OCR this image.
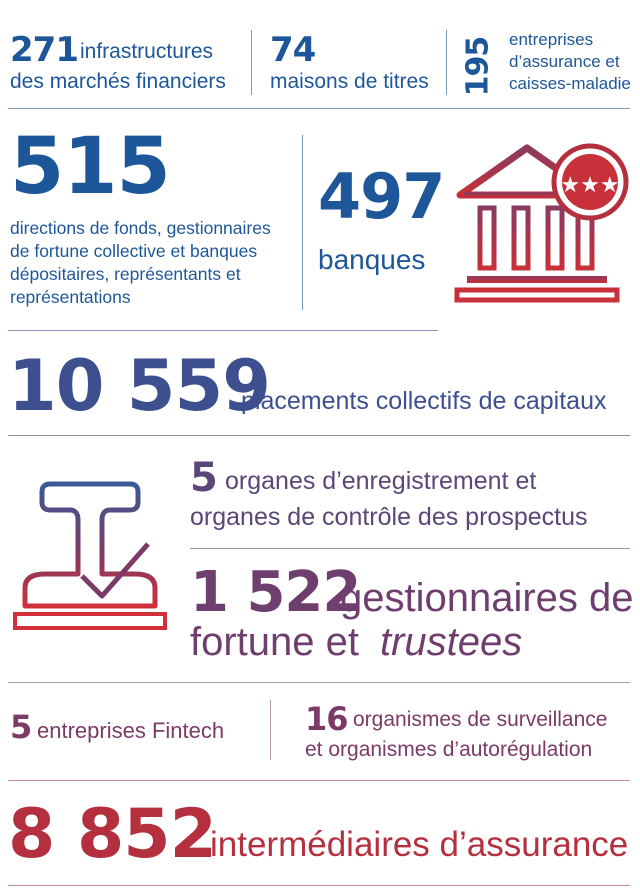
271 infrastructures
des marchés financiers
74
maisons de titres 195 entreprises
d’assurance et
caisses-maladie
515
directions de fonds, gestionnaires
de fortune collective et banques
dépositaires, représentants et
représentations
497
banques
★★★
10 559
placements collectifs de capitaux
5 organes d’enregistrement et
organes de contrôle des prospectus
1 522
gestionnaires de
fortune et trustees
5 entreprises Fintech	16 organismes de surveillance
et organismes d’autorégulation
8 852
intermédiaires d’assurance
